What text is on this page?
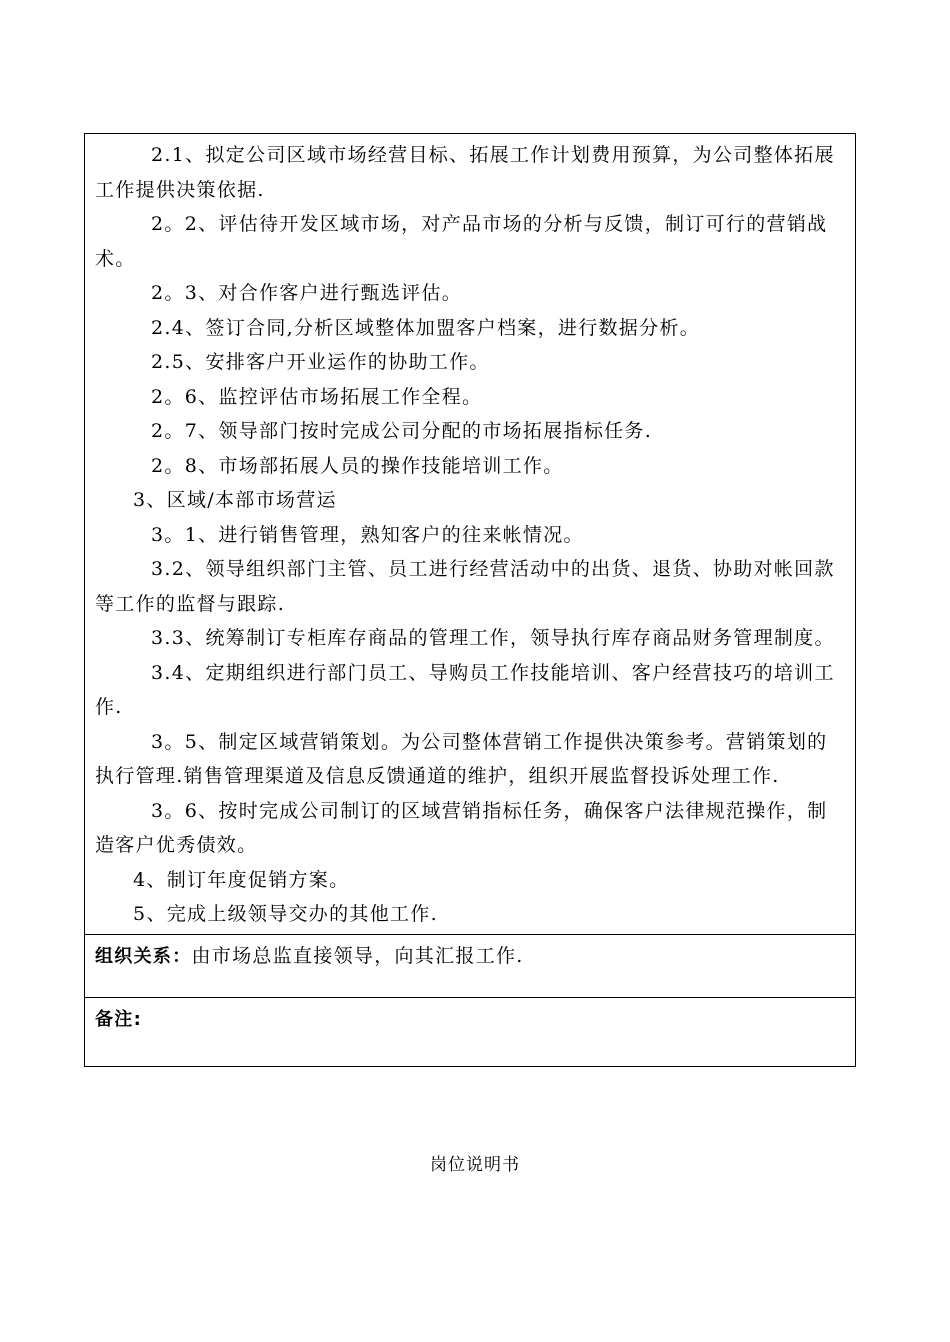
2.1、拟定公司区域市场经营目标、拓展工作计划费用预算，为公司整体拓展工作提供决策依据.

2。2、评估待开发区域市场，对产品市场的分析与反馈，制订可行的营销战术。

2。3、对合作客户进行甄选评估。

2.4、签订合同,分析区域整体加盟客户档案，进行数据分析。

2.5、安排客户开业运作的协助工作。

2。6、监控评估市场拓展工作全程。

2。7、领导部门按时完成公司分配的市场拓展指标任务.

2。8、市场部拓展人员的操作技能培训工作。

3、区域/本部市场营运

3。1、进行销售管理，熟知客户的往来帐情况。

3.2、领导组织部门主管、员工进行经营活动中的出货、退货、协助对帐回款等工作的监督与跟踪.

3.3、统筹制订专柜库存商品的管理工作，领导执行库存商品财务管理制度。

3.4、定期组织进行部门员工、导购员工作技能培训、客户经营技巧的培训工作.

3。5、制定区域营销策划。为公司整体营销工作提供决策参考。营销策划的执行管理.销售管理渠道及信息反馈通道的维护，组织开展监督投诉处理工作.

3。6、按时完成公司制订的区域营销指标任务，确保客户法律规范操作，制造客户优秀债效。

4、制订年度促销方案。

5、完成上级领导交办的其他工作.

组织关系：由市场总监直接领导，向其汇报工作.

备注:

岗位说明书
